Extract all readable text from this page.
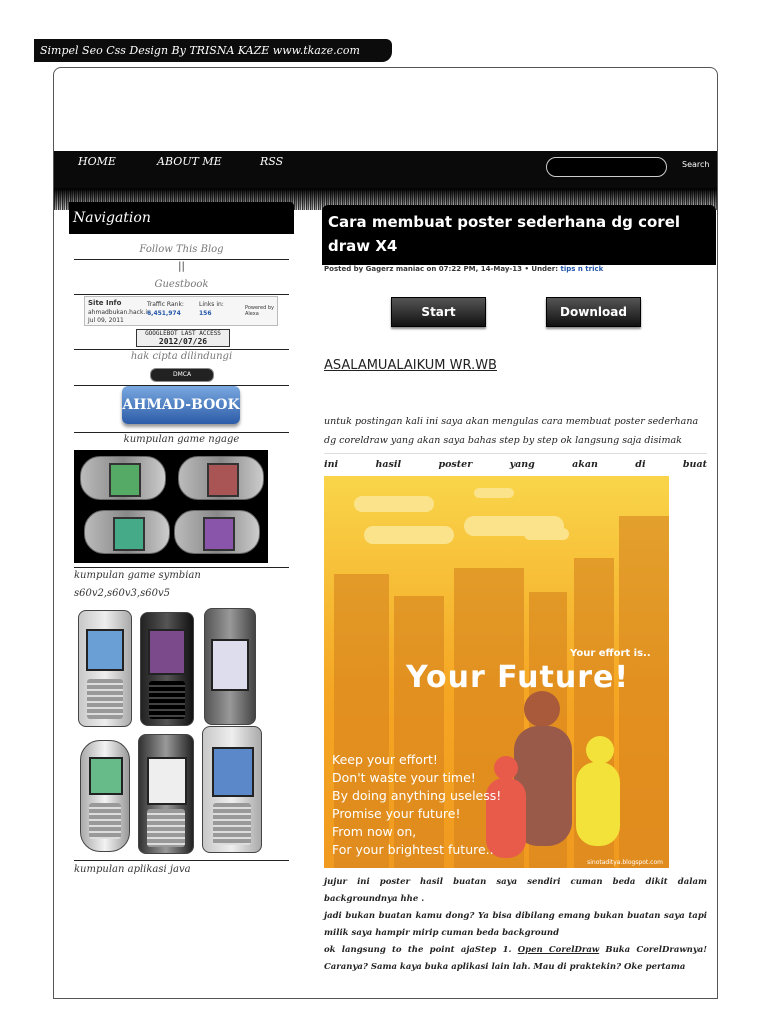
Simpel Seo Css Design By TRISNA KAZE www.tkaze.com
HOME	ABOUT ME	RSS	Search
Navigation
Follow This Blog
||
Guestbook
Site Info
ahmadbukan.hack.in
Jul 09, 2011
Traffic Rank:
6,451,974
Links in:
156
Powered by Alexa
GOOGLEBOT LAST ACCESS
2012/07/26
hak cipta dilindungi
DMCA
AHMAD-BOOK
kumpulan game ngage
kumpulan game symbian
s60v2,s60v3,s60v5
kumpulan aplikasi java
Cara membuat poster sederhana dg corel draw X4
Posted by Gagerz maniac on 07:22 PM, 14-May-13 • Under: tips n trick
Start	Download
ASALAMUALAIKUM WR.WB
untuk postingan kali ini saya akan mengulas cara membuat poster sederhana dg coreldraw yang akan saya bahas step by step ok langsung saja disimak
ini hasil poster yang akan di buat
Your effort is..
Your Future!
Keep your effort!
Don't waste your time!
By doing anything useless!
Promise your future!
From now on,
For your brightest future..
sinotaditya.blogspot.com
jujur ini poster hasil buatan saya sendiri cuman beda dikit dalam backgroundnya hhe .
jadi bukan buatan kamu dong? Ya bisa dibilang emang bukan buatan saya tapi milik saya hampir mirip cuman beda background
ok langsung to the point ajaStep 1. Open CorelDraw Buka CorelDrawnya! Caranya? Sama kaya buka aplikasi lain lah. Mau di praktekin? Oke pertama
